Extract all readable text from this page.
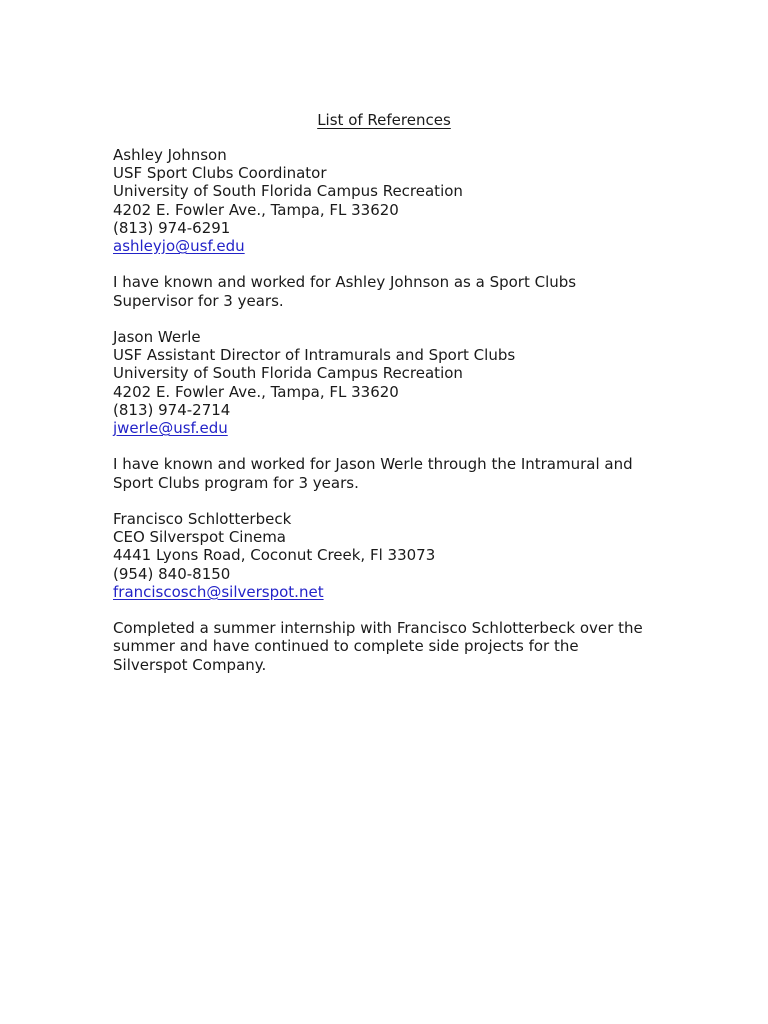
List of References
Ashley Johnson
USF Sport Clubs Coordinator
University of South Florida Campus Recreation
4202 E. Fowler Ave., Tampa, FL 33620
(813) 974-6291
ashleyjo@usf.edu
I have known and worked for Ashley Johnson as a Sport Clubs
Supervisor for 3 years.
Jason Werle
USF Assistant Director of Intramurals and Sport Clubs
University of South Florida Campus Recreation
4202 E. Fowler Ave., Tampa, FL 33620
(813) 974-2714
jwerle@usf.edu
I have known and worked for Jason Werle through the Intramural and
Sport Clubs program for 3 years.
Francisco Schlotterbeck
CEO Silverspot Cinema
4441 Lyons Road, Coconut Creek, Fl 33073
(954) 840-8150
franciscosch@silverspot.net
Completed a summer internship with Francisco Schlotterbeck over the
summer and have continued to complete side projects for the
Silverspot Company.
